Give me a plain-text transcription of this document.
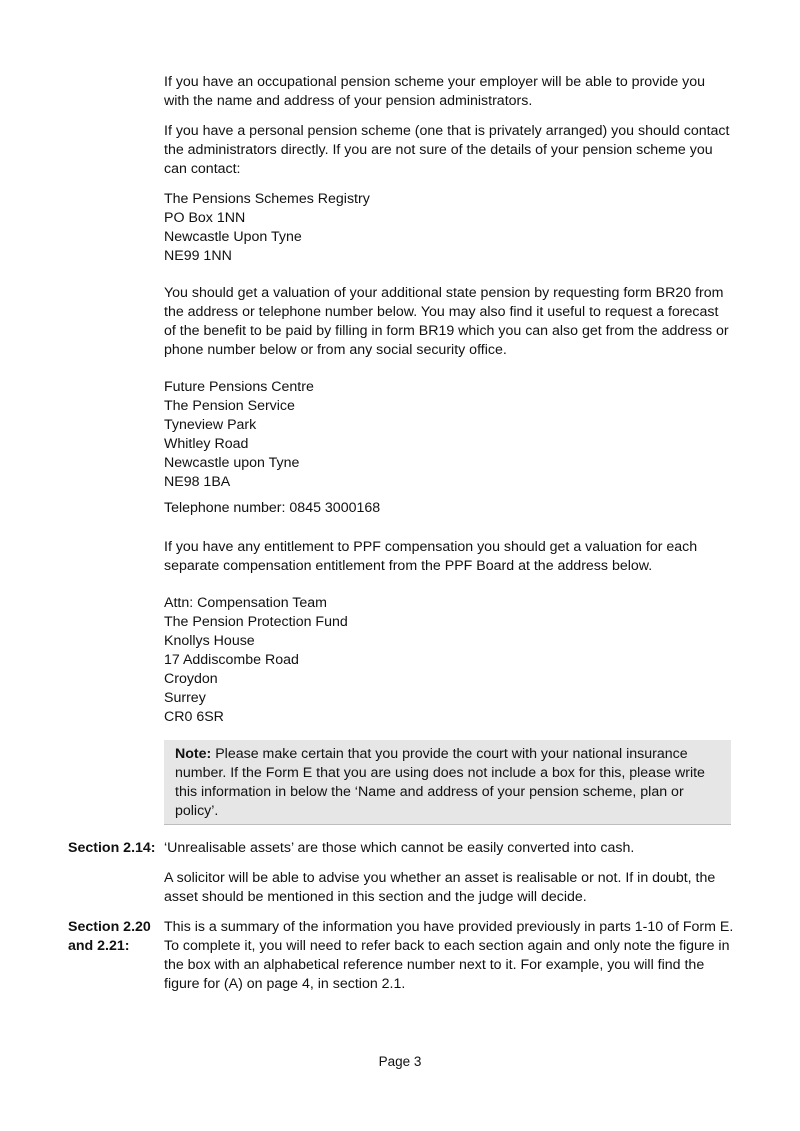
If you have an occupational pension scheme your employer will be able to provide you with the name and address of your pension administrators.

If you have a personal pension scheme (one that is privately arranged) you should contact the administrators directly. If you are not sure of the details of your pension scheme you can contact:

The Pensions Schemes Registry
PO Box 1NN
Newcastle Upon Tyne
NE99 1NN

You should get a valuation of your additional state pension by requesting form BR20 from the address or telephone number below. You may also find it useful to request a forecast of the benefit to be paid by filling in form BR19 which you can also get from the address or phone number below or from any social security office.

Future Pensions Centre
The Pension Service
Tyneview Park
Whitley Road
Newcastle upon Tyne
NE98 1BA

Telephone number: 0845 3000168

If you have any entitlement to PPF compensation you should get a valuation for each separate compensation entitlement from the PPF Board at the address below.

Attn: Compensation Team
The Pension Protection Fund
Knollys House
17 Addiscombe Road
Croydon
Surrey
CR0 6SR
Note: Please make certain that you provide the court with your national insurance number. If the Form E that you are using does not include a box for this, please write this information in below the ‘Name and address of your pension scheme, plan or policy’.
Section 2.14: ‘Unrealisable assets’ are those which cannot be easily converted into cash.

A solicitor will be able to advise you whether an asset is realisable or not. If in doubt, the asset should be mentioned in this section and the judge will decide.

Section 2.20
and 2.21:

This is a summary of the information you have provided previously in parts 1-10 of Form E. To complete it, you will need to refer back to each section again and only note the figure in the box with an alphabetical reference number next to it. For example, you will find the figure for (A) on page 4, in section 2.1.

Page 3
